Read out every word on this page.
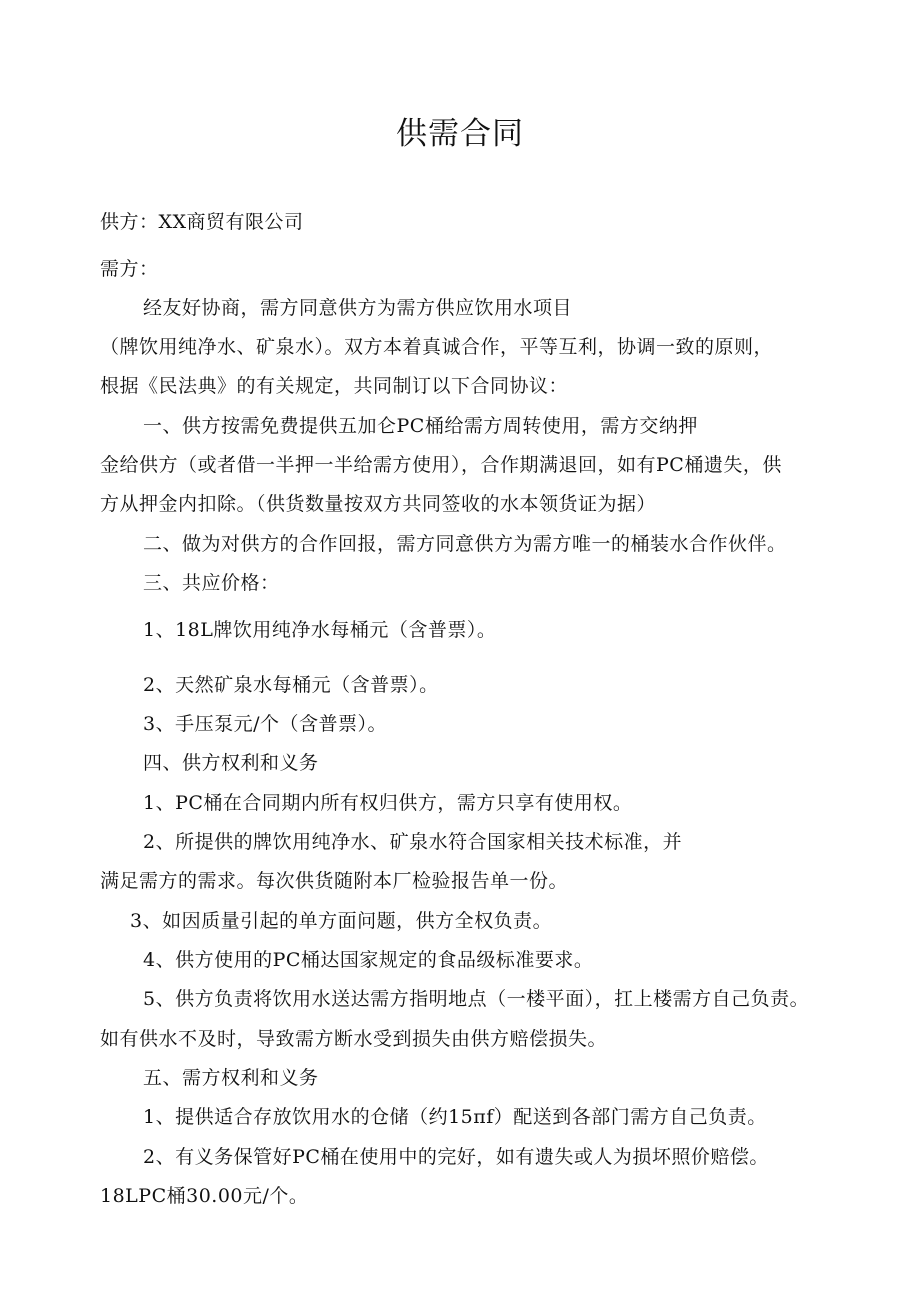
供需合同
供方：XX商贸有限公司
需方：
经友好协商，需方同意供方为需方供应饮用水项目
（牌饮用纯净水、矿泉水）。双方本着真诚合作，平等互利，协调一致的原则，
根据《民法典》的有关规定，共同制订以下合同协议：
一、供方按需免费提供五加仑PC桶给需方周转使用，需方交纳押
金给供方（或者借一半押一半给需方使用），合作期满退回，如有PC桶遗失，供
方从押金内扣除。（供货数量按双方共同签收的水本领货证为据）
二、做为对供方的合作回报，需方同意供方为需方唯一的桶装水合作伙伴。
三、共应价格：
1、18L牌饮用纯净水每桶元（含普票）。
2、天然矿泉水每桶元（含普票）。
3、手压泵元/个（含普票）。
四、供方权利和义务
1、PC桶在合同期内所有权归供方，需方只享有使用权。
2、所提供的牌饮用纯净水、矿泉水符合国家相关技术标准，并
满足需方的需求。每次供货随附本厂检验报告单一份。
3、如因质量引起的单方面问题，供方全权负责。
4、供方使用的PC桶达国家规定的食品级标准要求。
5、供方负责将饮用水送达需方指明地点（一楼平面），扛上楼需方自己负责。
如有供水不及时，导致需方断水受到损失由供方赔偿损失。
五、需方权利和义务
1、提供适合存放饮用水的仓储（约15πf）配送到各部门需方自己负责。
2、有义务保管好PC桶在使用中的完好，如有遗失或人为损坏照价赔偿。
18LPC桶30.00元/个。
